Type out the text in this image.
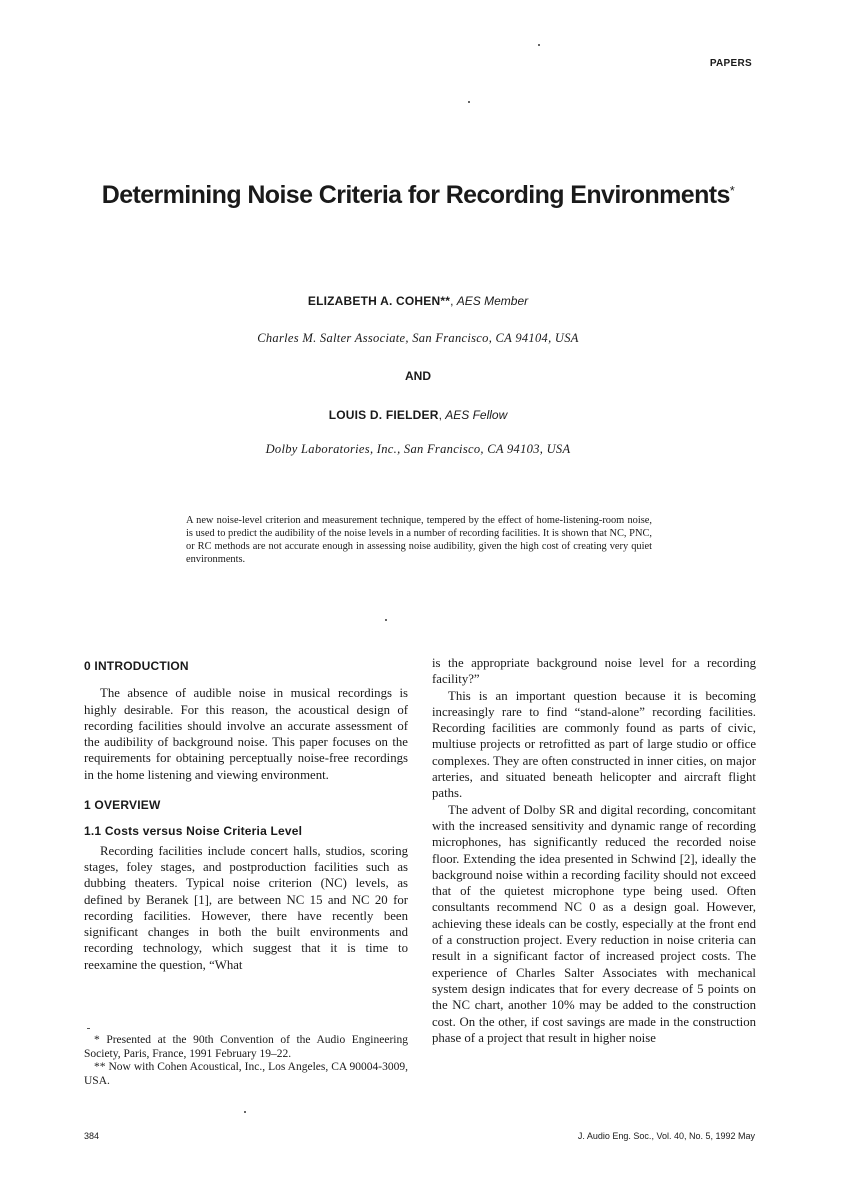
PAPERS
Determining Noise Criteria for Recording Environments*
ELIZABETH A. COHEN**, AES Member
Charles M. Salter Associate, San Francisco, CA 94104, USA
AND
LOUIS D. FIELDER, AES Fellow
Dolby Laboratories, Inc., San Francisco, CA 94103, USA
A new noise-level criterion and measurement technique, tempered by the effect of home-listening-room noise, is used to predict the audibility of the noise levels in a number of recording facilities. It is shown that NC, PNC, or RC methods are not accurate enough in assessing noise audibility, given the high cost of creating very quiet environments.
0 INTRODUCTION

The absence of audible noise in musical recordings is highly desirable. For this reason, the acoustical design of recording facilities should involve an accurate assessment of the audibility of background noise. This paper focuses on the requirements for obtaining perceptually noise-free recordings in the home listening and viewing environment.

1 OVERVIEW
1.1 Costs versus Noise Criteria Level

Recording facilities include concert halls, studios, scoring stages, foley stages, and postproduction facilities such as dubbing theaters. Typical noise criterion (NC) levels, as defined by Beranek [1], are between NC 15 and NC 20 for recording facilities. However, there have recently been significant changes in both the built environments and recording technology, which suggest that it is time to reexamine the question, “What

is the appropriate background noise level for a recording facility?”

This is an important question because it is becoming increasingly rare to find “stand-alone” recording facilities. Recording facilities are commonly found as parts of civic, multiuse projects or retrofitted as part of large studio or office complexes. They are often constructed in inner cities, on major arteries, and situated beneath helicopter and aircraft flight paths.

The advent of Dolby SR and digital recording, concomitant with the increased sensitivity and dynamic range of recording microphones, has significantly reduced the recorded noise floor. Extending the idea presented in Schwind [2], ideally the background noise within a recording facility should not exceed that of the quietest microphone type being used. Often consultants recommend NC 0 as a design goal. However, achieving these ideals can be costly, especially at the front end of a construction project. Every reduction in noise criteria can result in a significant factor of increased project costs. The experience of Charles Salter Associates with mechanical system design indicates that for every decrease of 5 points on the NC chart, another 10% may be added to the construction cost. On the other, if cost savings are made in the construction phase of a project that result in higher noise

* Presented at the 90th Convention of the Audio Engineering Society, Paris, France, 1991 February 19–22.

** Now with Cohen Acoustical, Inc., Los Angeles, CA 90004-3009, USA.

384	J. Audio Eng. Soc., Vol. 40, No. 5, 1992 May
